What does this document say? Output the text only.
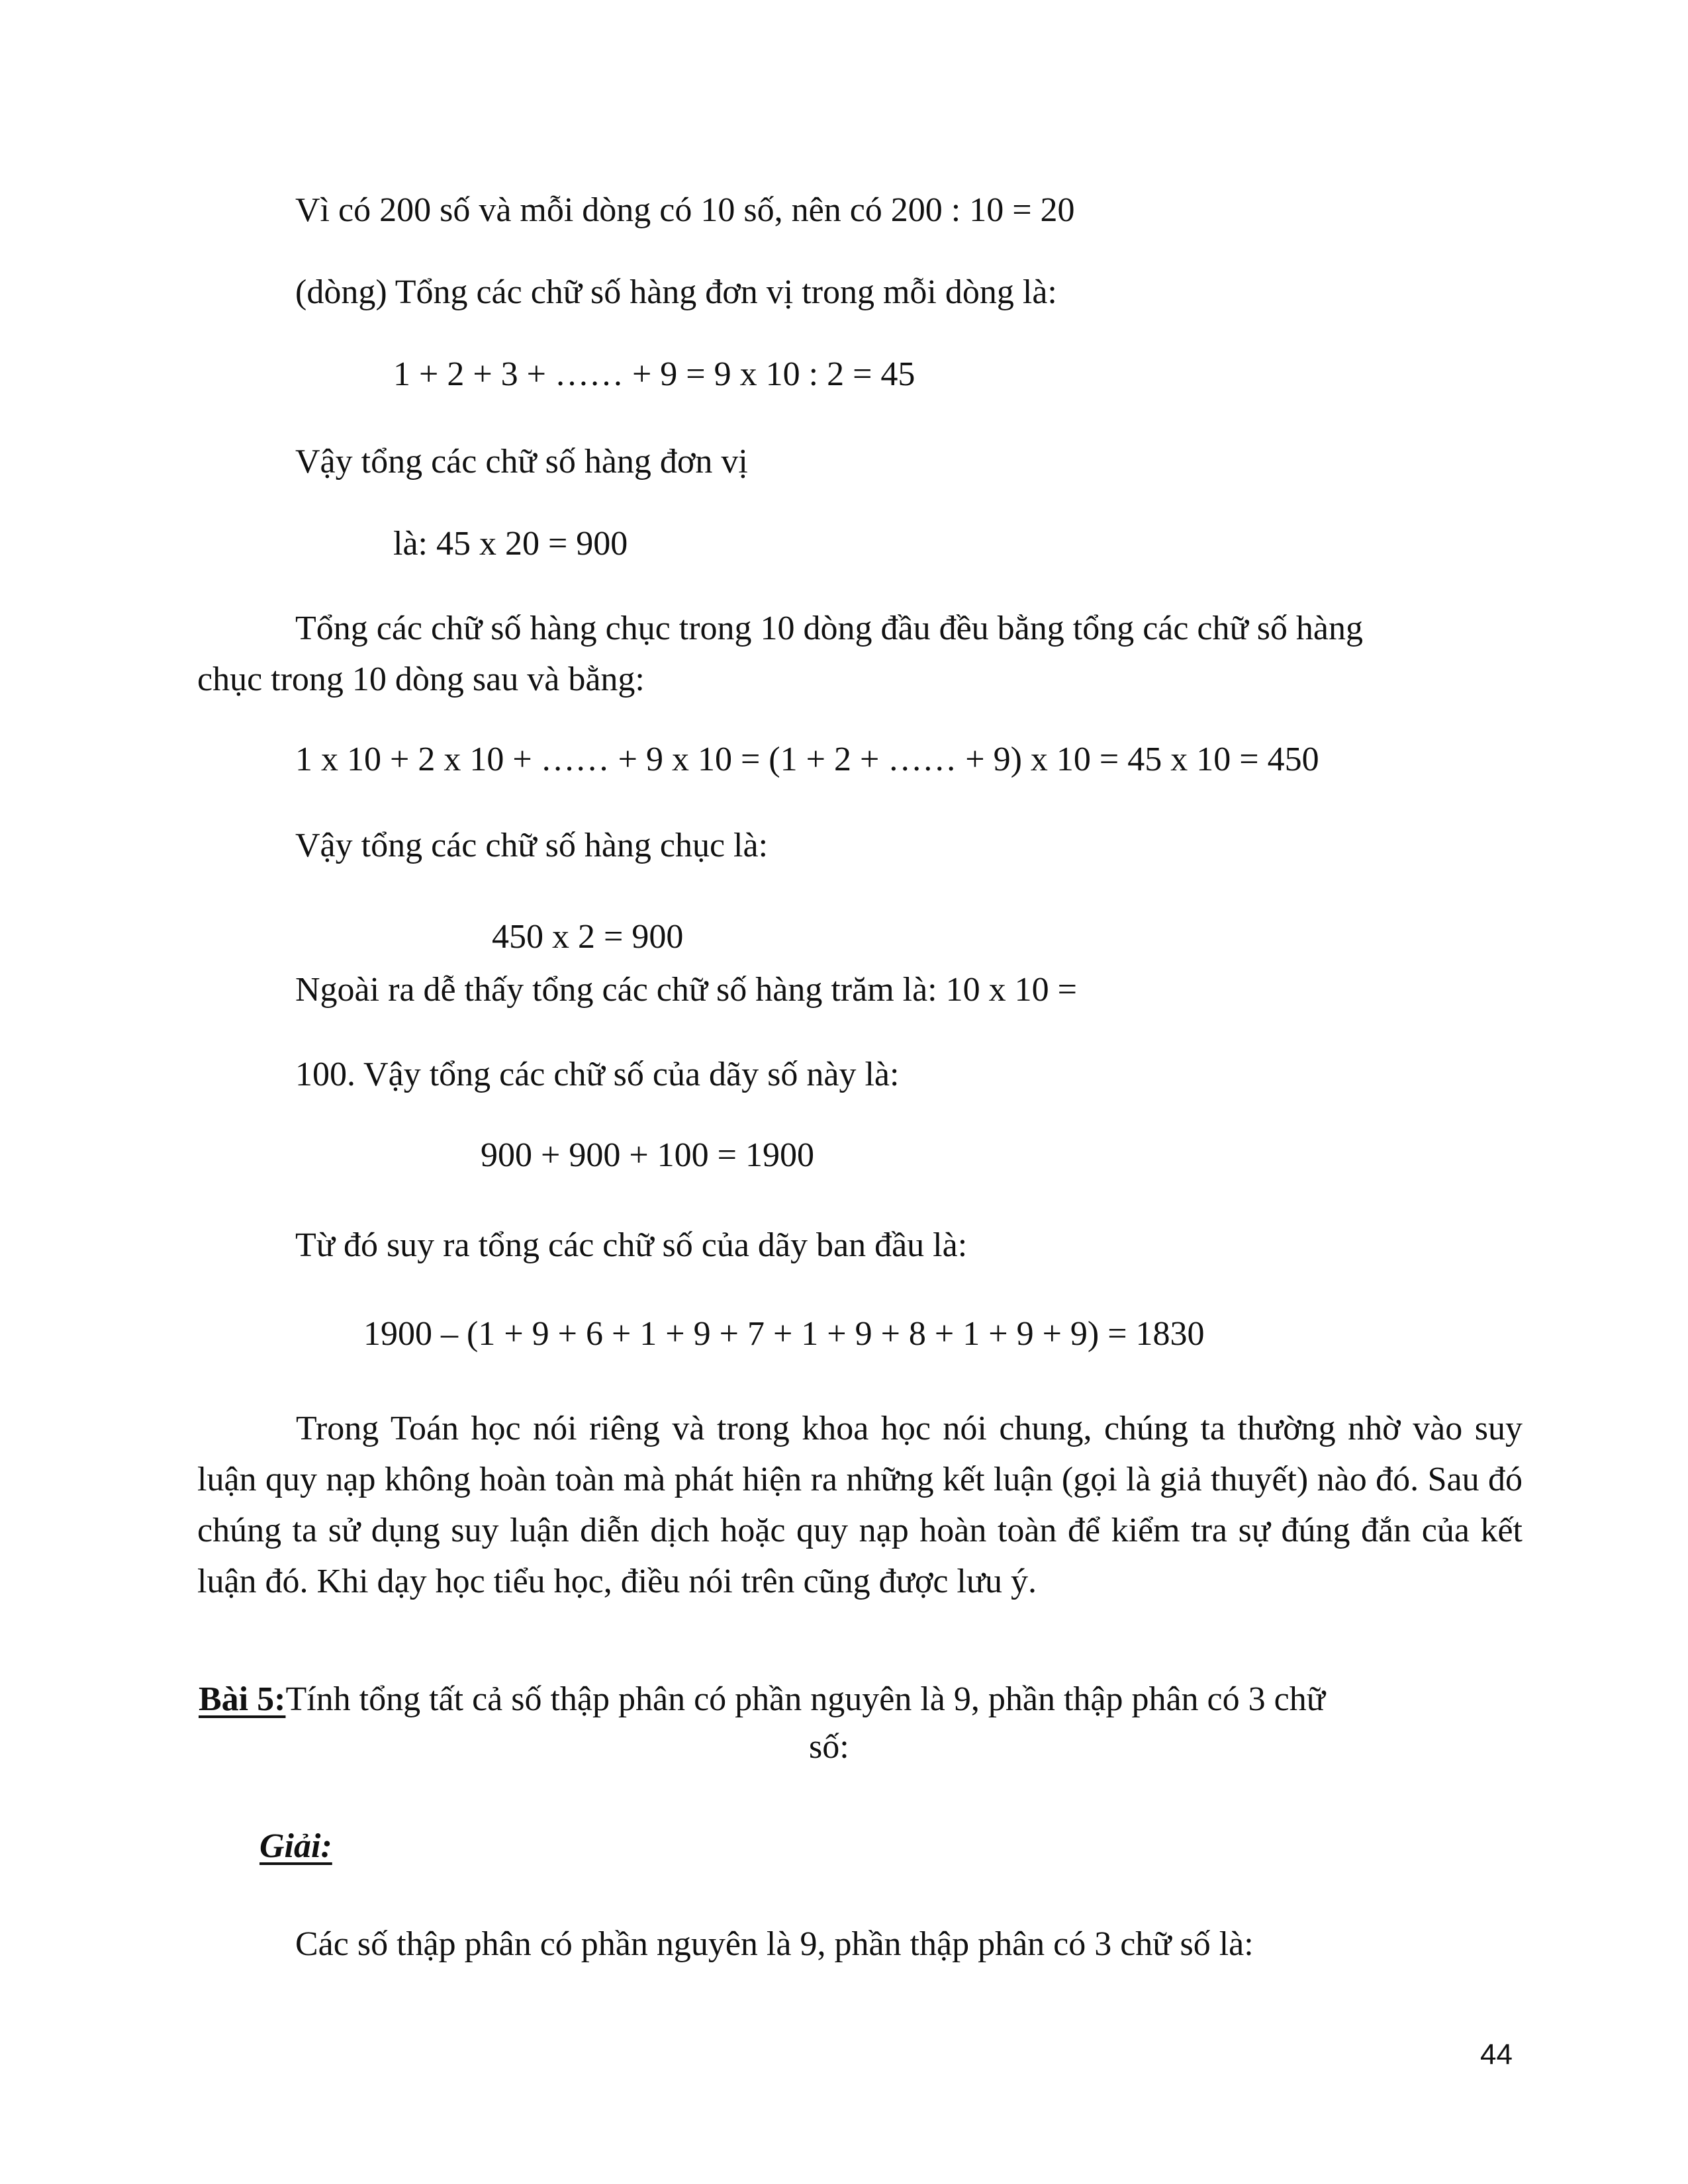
Vì có 200 số và mỗi dòng có 10 số, nên có 200 : 10 = 20

(dòng) Tổng các chữ số hàng đơn vị trong mỗi dòng là:

1 + 2 + 3 + …… + 9 = 9 x 10 : 2 = 45

Vậy tổng các chữ số hàng đơn vị

là: 45 x 20 = 900

Tổng các chữ số hàng chục trong 10 dòng đầu đều bằng tổng các chữ số hàng

chục trong 10 dòng sau và bằng:

1 x 10 + 2 x 10 + …… + 9 x 10 = (1 + 2 + …… + 9) x 10 = 45 x 10 = 450

Vậy tổng các chữ số hàng chục là:

450 x 2 = 900

Ngoài ra dễ thấy tổng các chữ số hàng trăm là: 10 x 10 =

100. Vậy tổng các chữ số của dãy số này là:

900 + 900 + 100 = 1900

Từ đó suy ra tổng các chữ số của dãy ban đầu là:

1900 – (1 + 9 + 6 + 1 + 9 + 7 + 1 + 9 + 8 + 1 + 9 + 9) = 1830

Trong Toán học nói riêng và trong khoa học nói chung, chúng ta thường nhờ vào suy luận quy nạp không hoàn toàn mà phát hiện ra những kết luận (gọi là giả thuyết) nào đó. Sau đó chúng ta sử dụng suy luận diễn dịch hoặc quy nạp hoàn toàn để kiểm tra sự đúng đắn của kết luận đó. Khi dạy học tiểu học, điều nói trên cũng được lưu ý.

Bài 5:Tính tổng tất cả số thập phân có phần nguyên là 9, phần thập phân có 3 chữ

số:

Giải:

Các số thập phân có phần nguyên là 9, phần thập phân có 3 chữ số là:

44
